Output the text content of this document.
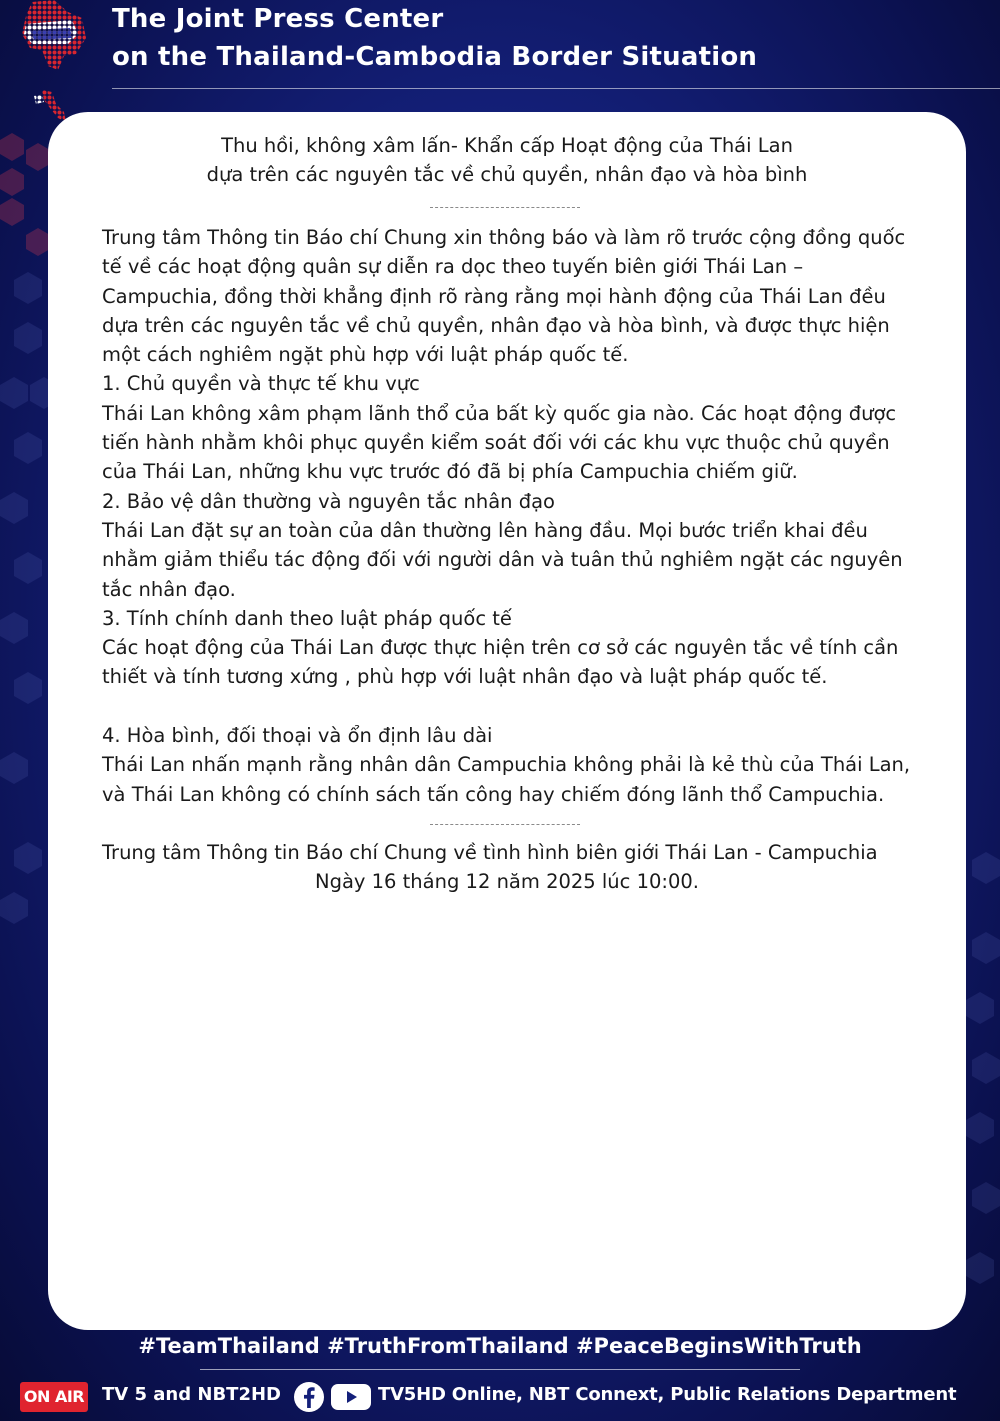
The Joint Press Center
on the Thailand-Cambodia Border Situation
Thu hồi, không xâm lấn- Khẩn cấp Hoạt động của Thái Lan
dựa trên các nguyên tắc về chủ quyền, nhân đạo và hòa bình
Trung tâm Thông tin Báo chí Chung xin thông báo và làm rõ trước cộng đồng quốc
tế về các hoạt động quân sự diễn ra dọc theo tuyến biên giới Thái Lan –
Campuchia, đồng thời khẳng định rõ ràng rằng mọi hành động của Thái Lan đều
dựa trên các nguyên tắc về chủ quyền, nhân đạo và hòa bình, và được thực hiện
một cách nghiêm ngặt phù hợp với luật pháp quốc tế.
1. Chủ quyền và thực tế khu vực
Thái Lan không xâm phạm lãnh thổ của bất kỳ quốc gia nào. Các hoạt động được
tiến hành nhằm khôi phục quyền kiểm soát đối với các khu vực thuộc chủ quyền
của Thái Lan, những khu vực trước đó đã bị phía Campuchia chiếm giữ.
2. Bảo vệ dân thường và nguyên tắc nhân đạo
Thái Lan đặt sự an toàn của dân thường lên hàng đầu. Mọi bước triển khai đều
nhằm giảm thiểu tác động đối với người dân và tuân thủ nghiêm ngặt các nguyên
tắc nhân đạo.
3. Tính chính danh theo luật pháp quốc tế
Các hoạt động của Thái Lan được thực hiện trên cơ sở các nguyên tắc về tính cần
thiết và tính tương xứng , phù hợp với luật nhân đạo và luật pháp quốc tế.
4. Hòa bình, đối thoại và ổn định lâu dài
Thái Lan nhấn mạnh rằng nhân dân Campuchia không phải là kẻ thù của Thái Lan,
và Thái Lan không có chính sách tấn công hay chiếm đóng lãnh thổ Campuchia.
Trung tâm Thông tin Báo chí Chung về tình hình biên giới Thái Lan - Campuchia
Ngày 16 tháng 12 năm 2025 lúc 10:00.
#TeamThailand #TruthFromThailand #PeaceBeginsWithTruth
ON AIR TV 5 and NBT2HD	TV5HD Online, NBT Connext, Public Relations Department
